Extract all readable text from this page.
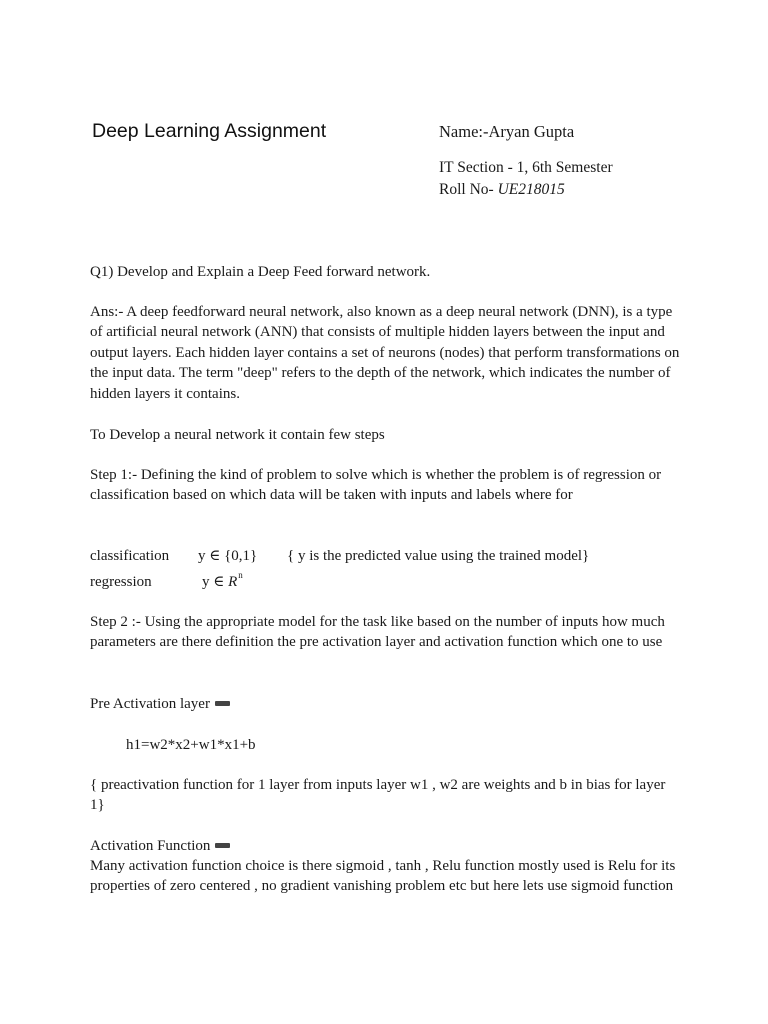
Deep Learning Assignment	Name:-Aryan Gupta
IT Section - 1, 6th Semester
Roll No- UE218015

Q1) Develop and Explain a Deep Feed forward network.

Ans:- A deep feedforward neural network, also known as a deep neural network (DNN), is a type of artificial neural network (ANN) that consists of multiple hidden layers between the input and output layers. Each hidden layer contains a set of neurons (nodes) that perform transformations on the input data. The term "deep" refers to the depth of the network, which indicates the number of hidden layers it contains.

To Develop a neural network it contain few steps

Step 1:- Defining the kind of problem to solve which is whether the problem is of regression or classification based on which data will be taken with inputs and labels where for

classification y ∈ {0,1} { y is the predicted value using the trained model}
regression	y ∈ $R^n$

Step 2 :- Using the appropriate model for the task like based on the number of inputs how much parameters are there definition the pre activation layer and activation function which one to use

Pre Activation layer

h1=w2*x2+w1*x1+b

{ preactivation function for 1 layer from inputs layer w1 , w2 are weights and b in bias for layer 1}

Activation Function

Many activation function choice is there sigmoid , tanh , Relu function mostly used is Relu for its properties of zero centered , no gradient vanishing problem etc but here lets use sigmoid function
